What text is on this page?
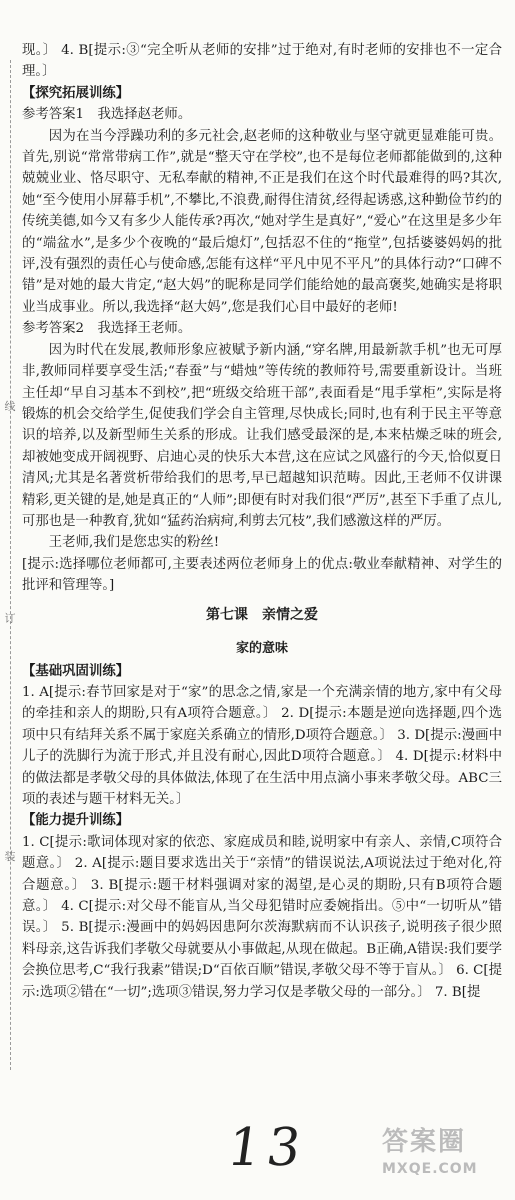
线
订
装

现。〕 4. B[提示:③“完全听从老师的安排”过于绝对,有时老师的安排也不一定合理。〕

【探究拓展训练】

参考答案1　我选择赵老师。

因为在当今浮躁功利的多元社会,赵老师的这种敬业与坚守就更显难能可贵。首先,别说“常常带病工作”,就是“整天守在学校”,也不是每位老师都能做到的,这种兢兢业业、恪尽职守、无私奉献的精神,不正是我们在这个时代最难得的吗?其次,她“至今使用小屏幕手机”,不攀比,不浪费,耐得住清贫,经得起诱惑,这种勤俭节约的传统美德,如今又有多少人能传承?再次,“她对学生是真好”,“爱心”在这里是多少年的“端盆水”,是多少个夜晚的“最后熄灯”,包括忍不住的“拖堂”,包括婆婆妈妈的批评,没有强烈的责任心与使命感,怎能有这样“平凡中见不平凡”的具体行动?“口碑不错”是对她的最大肯定,“赵大妈”的昵称是同学们能给她的最高褒奖,她确实是将职业当成事业。所以,我选择“赵大妈”,您是我们心目中最好的老师!

参考答案2　我选择王老师。

因为时代在发展,教师形象应被赋予新内涵,“穿名牌,用最新款手机”也无可厚非,教师同样要享受生活;“春蚕”与“蜡烛”等传统的教师符号,需要重新设计。当班主任却“早自习基本不到校”,把“班级交给班干部”,表面看是“甩手掌柜”,实际是将锻炼的机会交给学生,促使我们学会自主管理,尽快成长;同时,也有利于民主平等意识的培养,以及新型师生关系的形成。让我们感受最深的是,本来枯燥乏味的班会,却被她变成开阔视野、启迪心灵的快乐大本营,这在应试之风盛行的今天,恰似夏日清风;尤其是名著赏析带给我们的思考,早已超越知识范畴。因此,王老师不仅讲课精彩,更关键的是,她是真正的“人师”;即便有时对我们很“严厉”,甚至下手重了点儿,可那也是一种教育,犹如“猛药治病疴,利剪去冗枝”,我们感激这样的严厉。

王老师,我们是您忠实的粉丝!

[提示:选择哪位老师都可,主要表述两位老师身上的优点:敬业奉献精神、对学生的批评和管理等。]

第七课　亲情之爱

家的意味

【基础巩固训练】

1. A[提示:春节回家是对于“家”的思念之情,家是一个充满亲情的地方,家中有父母的牵挂和亲人的期盼,只有A项符合题意。〕 2. D[提示:本题是逆向选择题,四个选项中只有结拜关系不属于家庭关系确立的情形,D项符合题意。〕 3. D[提示:漫画中儿子的洗脚行为流于形式,并且没有耐心,因此D项符合题意。〕 4. D[提示:材料中的做法都是孝敬父母的具体做法,体现了在生活中用点滴小事来孝敬父母。ABC三项的表述与题干材料无关。〕

【能力提升训练】

1. C[提示:歌词体现对家的依恋、家庭成员和睦,说明家中有亲人、亲情,C项符合题意。〕 2. A[提示:题目要求选出关于“亲情”的错误说法,A项说法过于绝对化,符合题意。〕 3. B[提示:题干材料强调对家的渴望,是心灵的期盼,只有B项符合题意。〕 4. C[提示:对父母不能盲从,当父母犯错时应委婉指出。⑤中“一切听从”错误。〕 5. B[提示:漫画中的妈妈因患阿尔茨海默病而不认识孩子,说明孩子很少照料母亲,这告诉我们孝敬父母就要从小事做起,从现在做起。B正确,A错误:我们要学会换位思考,C“我行我素”错误;D“百依百顺”错误,孝敬父母不等于盲从。〕 6. C[提示:选项②错在“一切”;选项③错误,努力学习仅是孝敬父母的一部分。〕 7. B[提

13	答案圈
MXQE.COM
